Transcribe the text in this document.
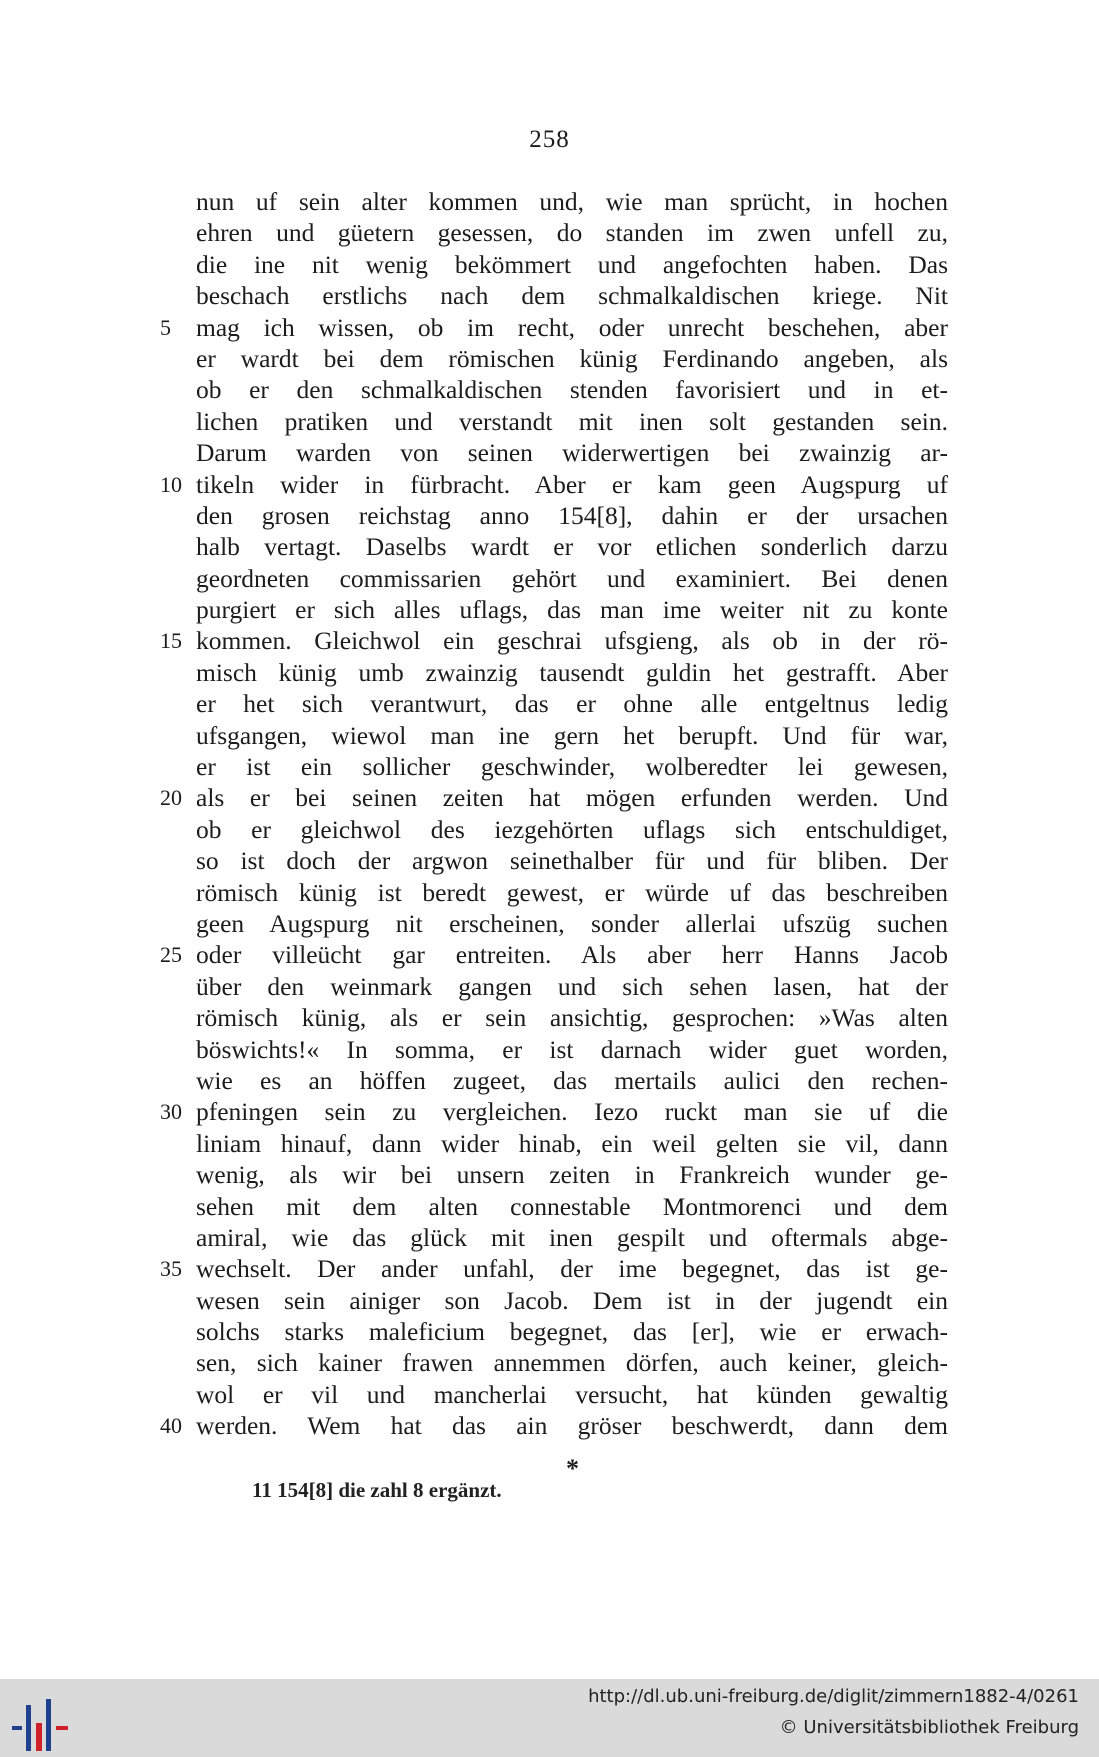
258
nun uf sein alter kommen und, wie man sprücht, in hochen
ehren und güetern gesessen, do standen im zwen unfell zu,
die ine nit wenig bekömmert und angefochten haben. Das
beschach erstlichs nach dem schmalkaldischen kriege. Nit
5 mag ich wissen, ob im recht, oder unrecht beschehen, aber
er wardt bei dem römischen künig Ferdinando angeben, als
ob er den schmalkaldischen stenden favorisiert und in et-
lichen pratiken und verstandt mit inen solt gestanden sein.
Darum warden von seinen widerwertigen bei zwainzig ar-
10 tikeln wider in fürbracht. Aber er kam geen Augspurg uf
den grosen reichstag anno 154[8], dahin er der ursachen
halb vertagt. Daselbs wardt er vor etlichen sonderlich darzu
geordneten commissarien gehört und examiniert. Bei denen
purgiert er sich alles uflags, das man ime weiter nit zu konte
15 kommen. Gleichwol ein geschrai ufsgieng, als ob in der rö-
misch künig umb zwainzig tausendt guldin het gestrafft. Aber
er het sich verantwurt, das er ohne alle entgeltnus ledig
ufsgangen, wiewol man ine gern het berupft. Und für war,
er ist ein sollicher geschwinder, wolberedter lei gewesen,
20 als er bei seinen zeiten hat mögen erfunden werden. Und
ob er gleichwol des iezgehörten uflags sich entschuldiget,
so ist doch der argwon seinethalber für und für bliben. Der
römisch künig ist beredt gewest, er würde uf das beschreiben
geen Augspurg nit erscheinen, sonder allerlai ufszüg suchen
25 oder villeücht gar entreiten. Als aber herr Hanns Jacob
über den weinmark gangen und sich sehen lasen, hat der
römisch künig, als er sein ansichtig, gesprochen: »Was alten
böswichts!« In somma, er ist darnach wider guet worden,
wie es an höffen zugeet, das mertails aulici den rechen-
30 pfeningen sein zu vergleichen. Iezo ruckt man sie uf die
liniam hinauf, dann wider hinab, ein weil gelten sie vil, dann
wenig, als wir bei unsern zeiten in Frankreich wunder ge-
sehen mit dem alten connestable Montmorenci und dem
amiral, wie das glück mit inen gespilt und oftermals abge-
35 wechselt. Der ander unfahl, der ime begegnet, das ist ge-
wesen sein ainiger son Jacob. Dem ist in der jugendt ein
solchs starks maleficium begegnet, das [er], wie er erwach-
sen, sich kainer frawen annemmen dörfen, auch keiner, gleich-
wol er vil und mancherlai versucht, hat künden gewaltig
40 werden. Wem hat das ain gröser beschwerdt, dann dem
*
11 154[8] die zahl 8 ergänzt.
http://dl.ub.uni-freiburg.de/diglit/zimmern1882-4/0261
© Universitätsbibliothek Freiburg
